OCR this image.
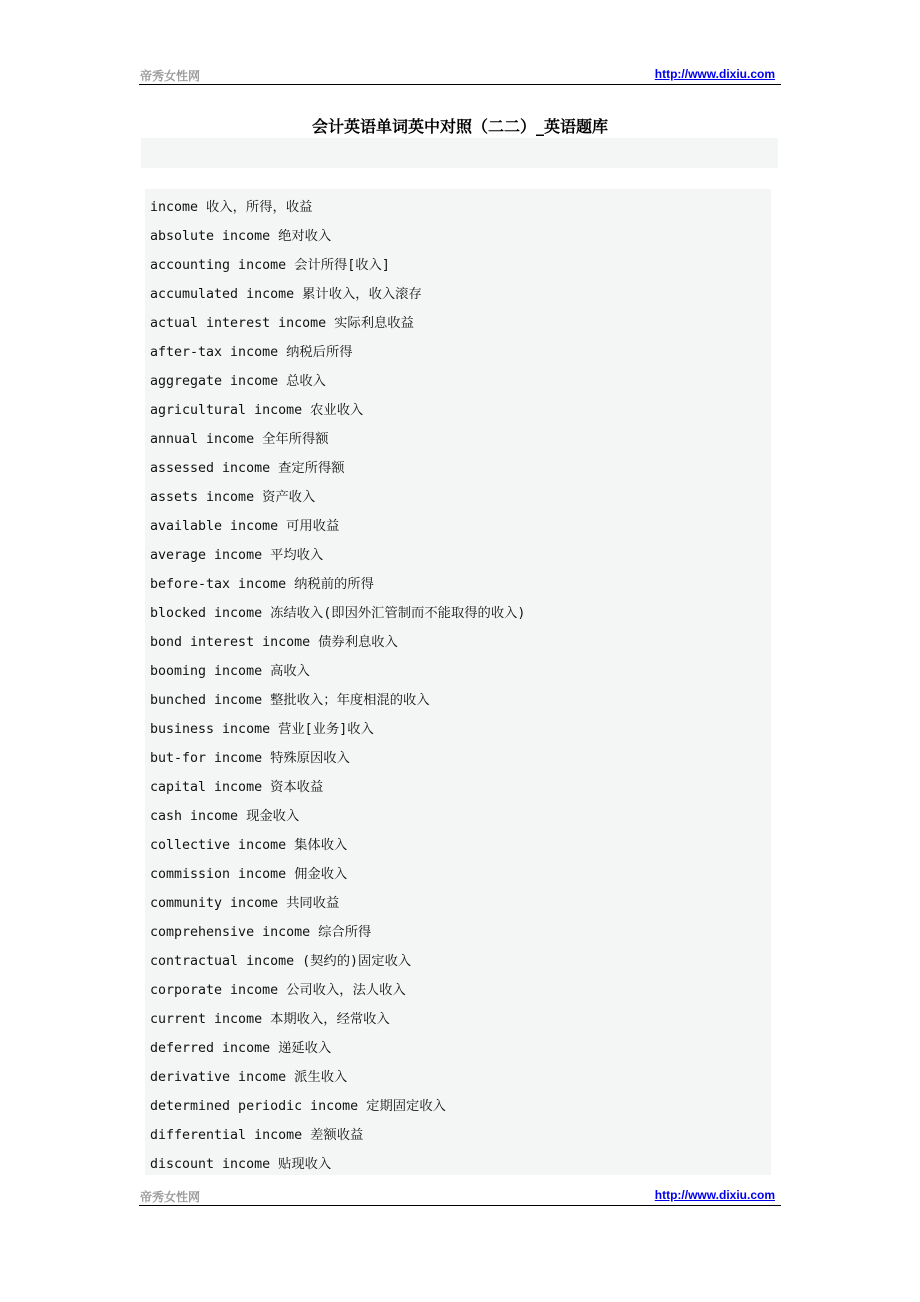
帝秀女性网	http://www.dixiu.com
会计英语单词英中对照（二二）_英语题库
income 收入，所得，收益
absolute income 绝对收入
accounting income 会计所得[收入]
accumulated income 累计收入，收入滚存
actual interest income 实际利息收益
after-tax income 纳税后所得
aggregate income 总收入
agricultural income 农业收入
annual income 全年所得额
assessed income 查定所得额
assets income 资产收入
available income 可用收益
average income 平均收入
before-tax income 纳税前的所得
blocked income 冻结收入(即因外汇管制而不能取得的收入)
bond interest income 债券利息收入
booming income 高收入
bunched income 整批收入；年度相混的收入
business income 营业[业务]收入
but-for income 特殊原因收入
capital income 资本收益
cash income 现金收入
collective income 集体收入
commission income 佣金收入
community income 共同收益
comprehensive income 综合所得
contractual income (契约的)固定收入
corporate income 公司收入，法人收入
current income 本期收入，经常收入
deferred income 递延收入
derivative income 派生收入
determined periodic income 定期固定收入
differential income 差额收益
discount income 贴现收入
帝秀女性网	http://www.dixiu.com
